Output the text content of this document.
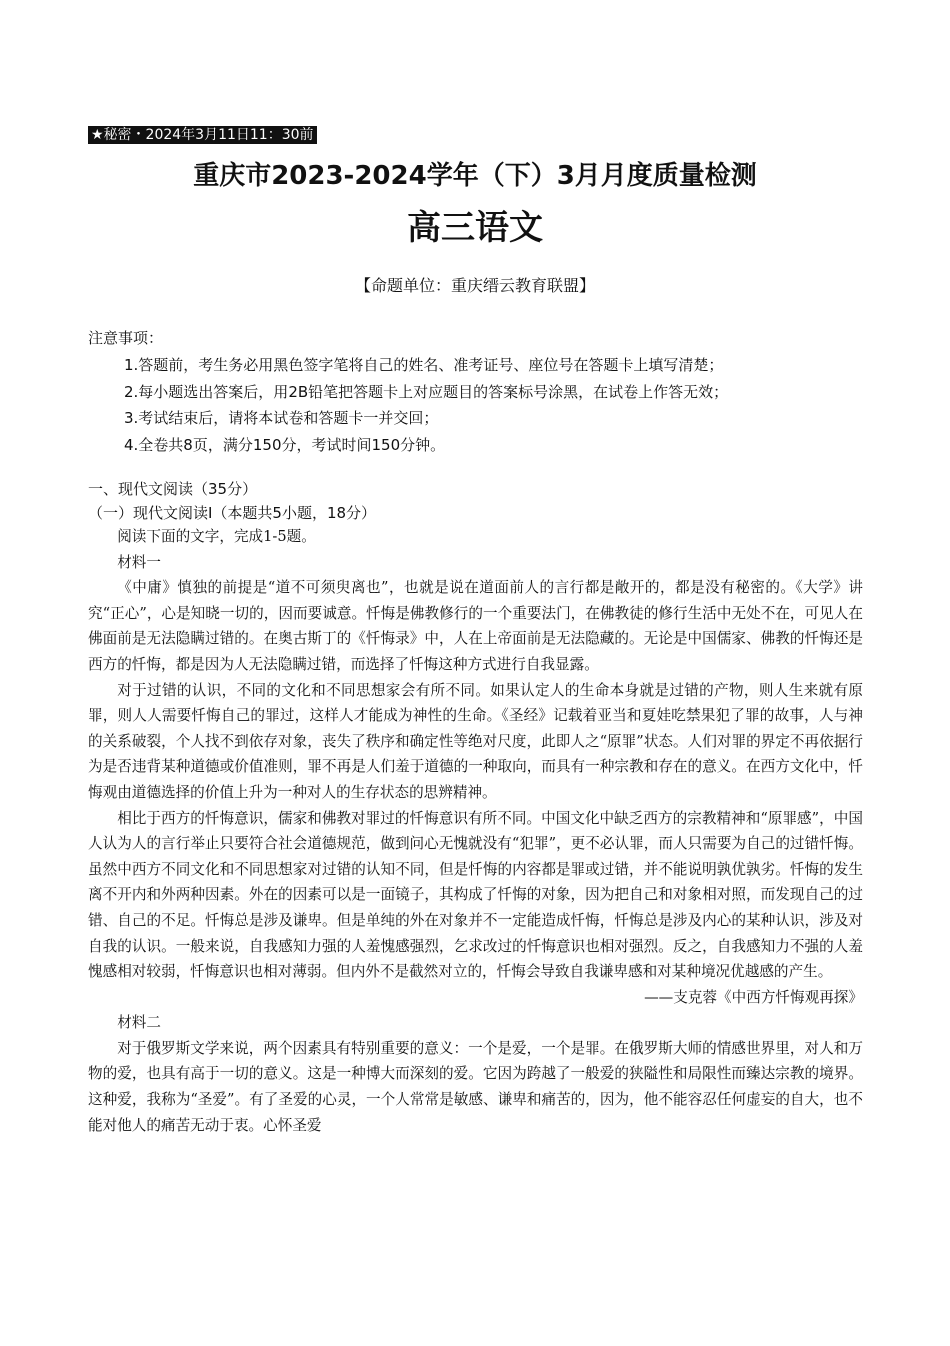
★秘密・2024年3月11日11：30前
重庆市2023-2024学年（下）3月月度质量检测
高三语文
【命题单位：重庆缙云教育联盟】
注意事项：
1.答题前，考生务必用黑色签字笔将自己的姓名、准考证号、座位号在答题卡上填写清楚；
2.每小题选出答案后，用2B铅笔把答题卡上对应题目的答案标号涂黑，在试卷上作答无效；
3.考试结束后，请将本试卷和答题卡一并交回；
4.全卷共8页，满分150分，考试时间150分钟。
一、现代文阅读（35分）
（一）现代文阅读Ⅰ（本题共5小题，18分）

阅读下面的文字，完成1-5题。

材料一

《中庸》慎独的前提是“道不可须臾离也”，也就是说在道面前人的言行都是敞开的，都是没有秘密的。《大学》讲究“正心”，心是知晓一切的，因而要诚意。忏悔是佛教修行的一个重要法门，在佛教徒的修行生活中无处不在，可见人在佛面前是无法隐瞒过错的。在奥古斯丁的《忏悔录》中，人在上帝面前是无法隐藏的。无论是中国儒家、佛教的忏悔还是西方的忏悔，都是因为人无法隐瞒过错，而选择了忏悔这种方式进行自我显露。

对于过错的认识，不同的文化和不同思想家会有所不同。如果认定人的生命本身就是过错的产物，则人生来就有原罪，则人人需要忏悔自己的罪过，这样人才能成为神性的生命。《圣经》记载着亚当和夏娃吃禁果犯了罪的故事，人与神的关系破裂，个人找不到依存对象，丧失了秩序和确定性等绝对尺度，此即人之“原罪”状态。人们对罪的界定不再依据行为是否违背某种道德或价值准则，罪不再是人们羞于道德的一种取向，而具有一种宗教和存在的意义。在西方文化中，忏悔观由道德选择的价值上升为一种对人的生存状态的思辨精神。

相比于西方的忏悔意识，儒家和佛教对罪过的忏悔意识有所不同。中国文化中缺乏西方的宗教精神和“原罪感”，中国人认为人的言行举止只要符合社会道德规范，做到问心无愧就没有“犯罪”，更不必认罪，而人只需要为自己的过错忏悔。虽然中西方不同文化和不同思想家对过错的认知不同，但是忏悔的内容都是罪或过错，并不能说明孰优孰劣。忏悔的发生离不开内和外两种因素。外在的因素可以是一面镜子，其构成了忏悔的对象，因为把自己和对象相对照，而发现自己的过错、自己的不足。忏悔总是涉及谦卑。但是单纯的外在对象并不一定能造成忏悔，忏悔总是涉及内心的某种认识，涉及对自我的认识。一般来说，自我感知力强的人羞愧感强烈，乞求改过的忏悔意识也相对强烈。反之，自我感知力不强的人羞愧感相对较弱，忏悔意识也相对薄弱。但内外不是截然对立的，忏悔会导致自我谦卑感和对某种境况优越感的产生。

——支克蓉《中西方忏悔观再探》

材料二

对于俄罗斯文学来说，两个因素具有特别重要的意义：一个是爱，一个是罪。在俄罗斯大师的情感世界里，对人和万物的爱，也具有高于一切的意义。这是一种博大而深刻的爱。它因为跨越了一般爱的狭隘性和局限性而臻达宗教的境界。这种爱，我称为“圣爱”。有了圣爱的心灵，一个人常常是敏感、谦卑和痛苦的，因为，他不能容忍任何虚妄的自大，也不能对他人的痛苦无动于衷。心怀圣爱
